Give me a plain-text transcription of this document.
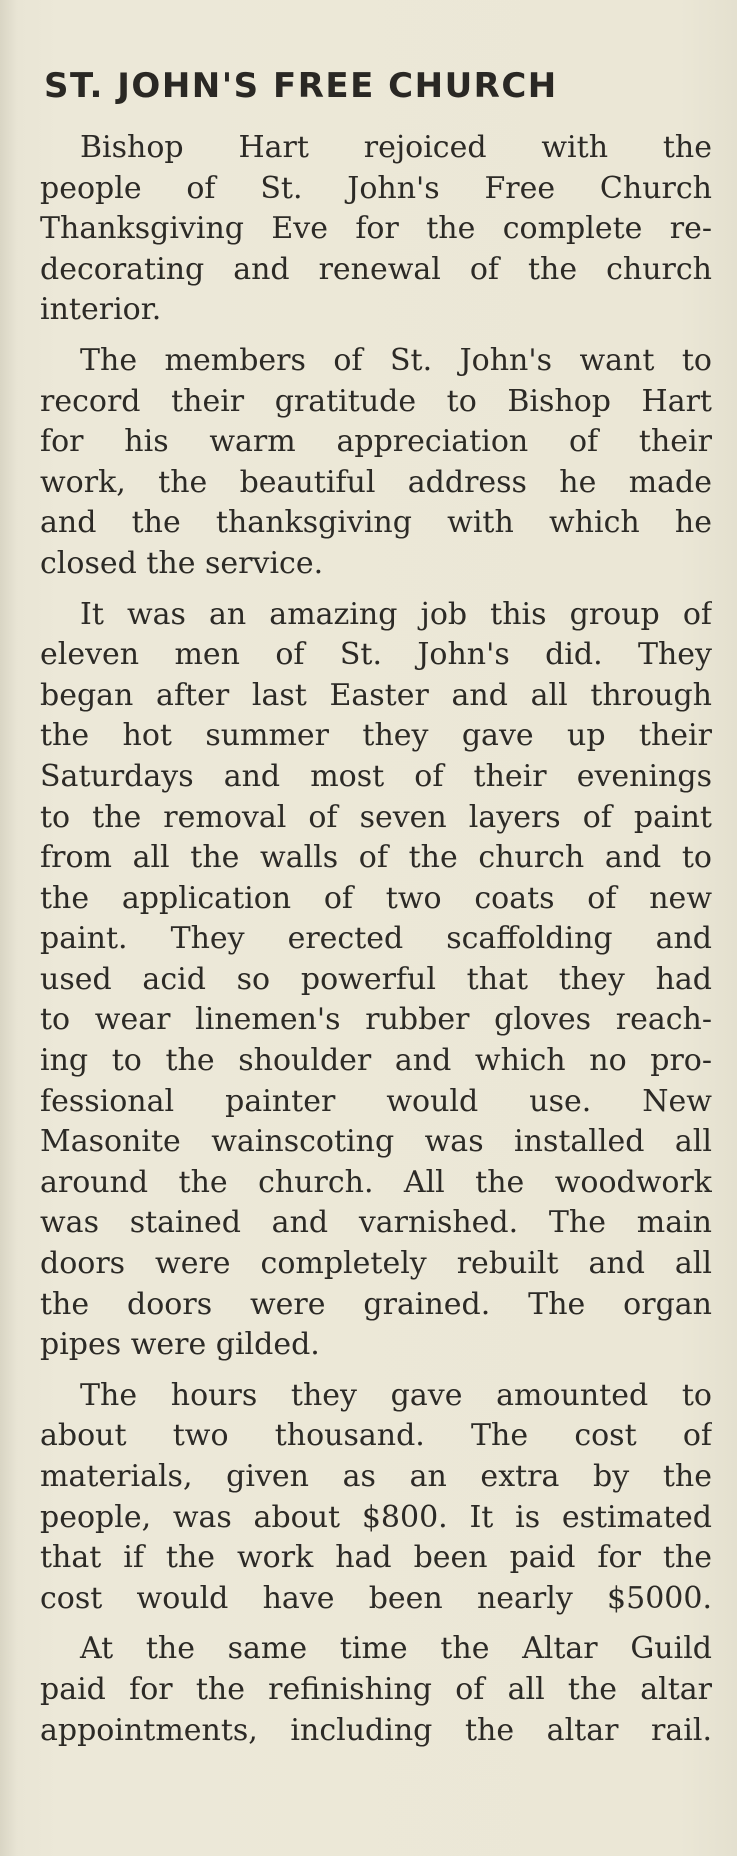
ST. JOHN'S FREE CHURCH
Bishop Hart rejoiced with the
people of St. John's Free Church
Thanksgiving Eve for the complete re-
decorating and renewal of the church
interior.
The members of St. John's want to
record their gratitude to Bishop Hart
for his warm appreciation of their
work, the beautiful address he made
and the thanksgiving with which he
closed the service.
It was an amazing job this group of
eleven men of St. John's did. They
began after last Easter and all through
the hot summer they gave up their
Saturdays and most of their evenings
to the removal of seven layers of paint
from all the walls of the church and to
the application of two coats of new
paint. They erected scaffolding and
used acid so powerful that they had
to wear linemen's rubber gloves reach-
ing to the shoulder and which no pro-
fessional painter would use. New
Masonite wainscoting was installed all
around the church. All the woodwork
was stained and varnished. The main
doors were completely rebuilt and all
the doors were grained. The organ
pipes were gilded.
The hours they gave amounted to
about two thousand. The cost of
materials, given as an extra by the
people, was about $800. It is estimated
that if the work had been paid for the
cost would have been nearly $5000.
At the same time the Altar Guild
paid for the refinishing of all the altar
appointments, including the altar rail.
